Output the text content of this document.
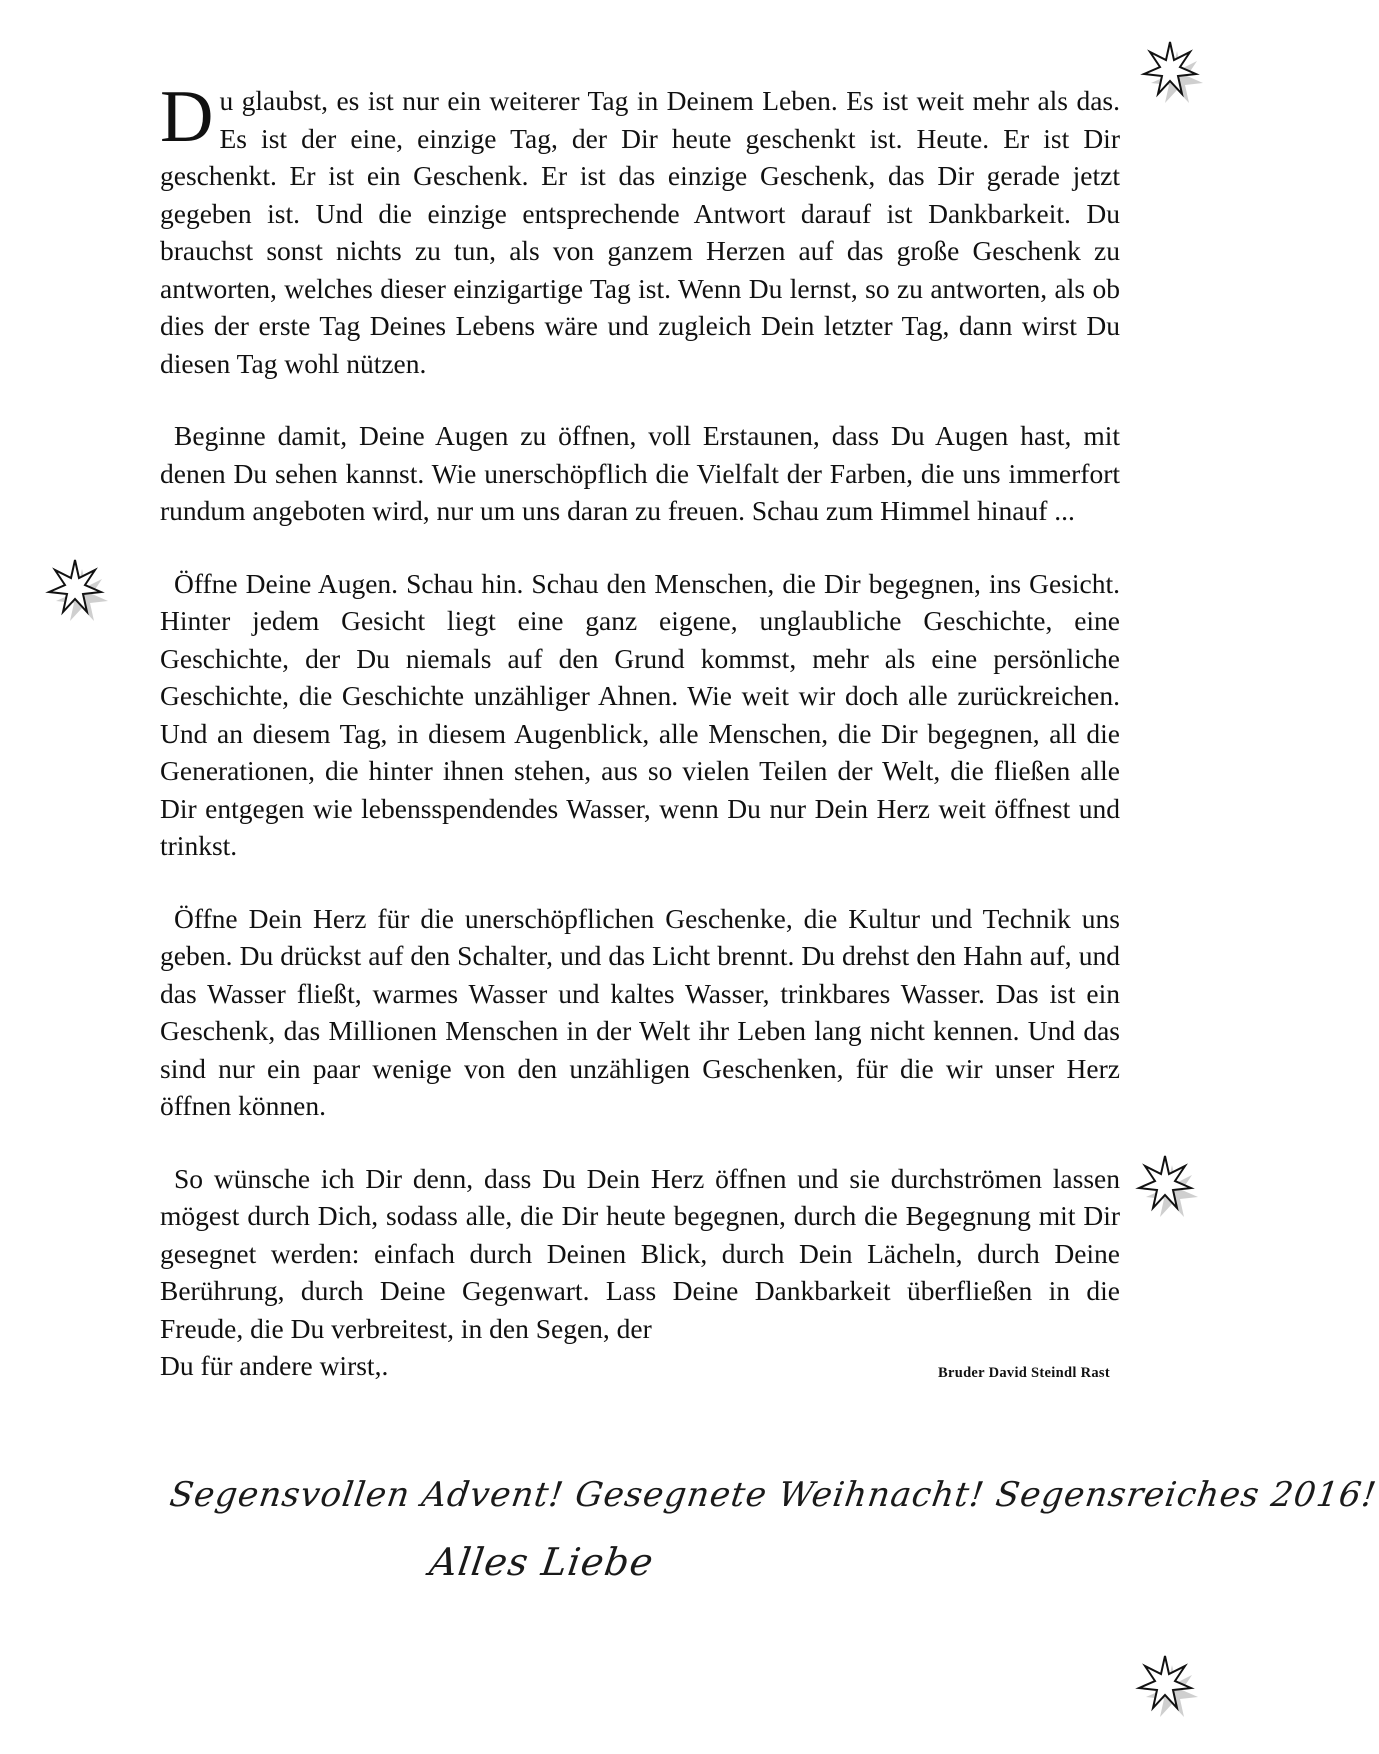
Du glaubst, es ist nur ein weiterer Tag in Deinem Leben. Es ist weit mehr als das. Es ist der eine, einzige Tag, der Dir heute geschenkt ist. Heute. Er ist Dir geschenkt. Er ist ein Geschenk. Er ist das einzige Geschenk, das Dir gerade jetzt gegeben ist. Und die einzige entsprechende Antwort darauf ist Dankbarkeit. Du brauchst sonst nichts zu tun, als von ganzem Herzen auf das große Geschenk zu antworten, welches dieser einzigartige Tag ist. Wenn Du lernst, so zu antworten, als ob dies der erste Tag Deines Lebens wäre und zugleich Dein letzter Tag, dann wirst Du diesen Tag wohl nützen.

Beginne damit, Deine Augen zu öffnen, voll Erstaunen, dass Du Augen hast, mit denen Du sehen kannst. Wie unerschöpflich die Vielfalt der Farben, die uns immerfort rundum angeboten wird, nur um uns daran zu freuen. Schau zum Himmel hinauf ...

Öffne Deine Augen. Schau hin. Schau den Menschen, die Dir begegnen, ins Gesicht. Hinter jedem Gesicht liegt eine ganz eigene, unglaubliche Geschichte, eine Geschichte, der Du niemals auf den Grund kommst, mehr als eine persönliche Geschichte, die Geschichte unzähliger Ahnen. Wie weit wir doch alle zurückreichen. Und an diesem Tag, in diesem Augenblick, alle Menschen, die Dir begegnen, all die Generationen, die hinter ihnen stehen, aus so vielen Teilen der Welt, die fließen alle Dir entgegen wie lebensspendendes Wasser, wenn Du nur Dein Herz weit öffnest und trinkst.

Öffne Dein Herz für die unerschöpflichen Geschenke, die Kultur und Technik uns geben. Du drückst auf den Schalter, und das Licht brennt. Du drehst den Hahn auf, und das Wasser fließt, warmes Wasser und kaltes Wasser, trinkbares Wasser. Das ist ein Geschenk, das Millionen Menschen in der Welt ihr Leben lang nicht kennen. Und das sind nur ein paar wenige von den unzähligen Geschenken, für die wir unser Herz öffnen können.

So wünsche ich Dir denn, dass Du Dein Herz öffnen und sie durchströmen lassen mögest durch Dich, sodass alle, die Dir heute begegnen, durch die Begegnung mit Dir gesegnet werden: einfach durch Deinen Blick, durch Dein Lächeln, durch Deine Berührung, durch Deine Gegenwart. Lass Deine Dankbarkeit überfließen in die Freude, die Du verbreitest, in den Segen, der

Du für andere wirst,.	Bruder David Steindl Rast
Segensvollen Advent! Gesegnete Weihnacht! Segensreiches 2016!
Alles Liebe
